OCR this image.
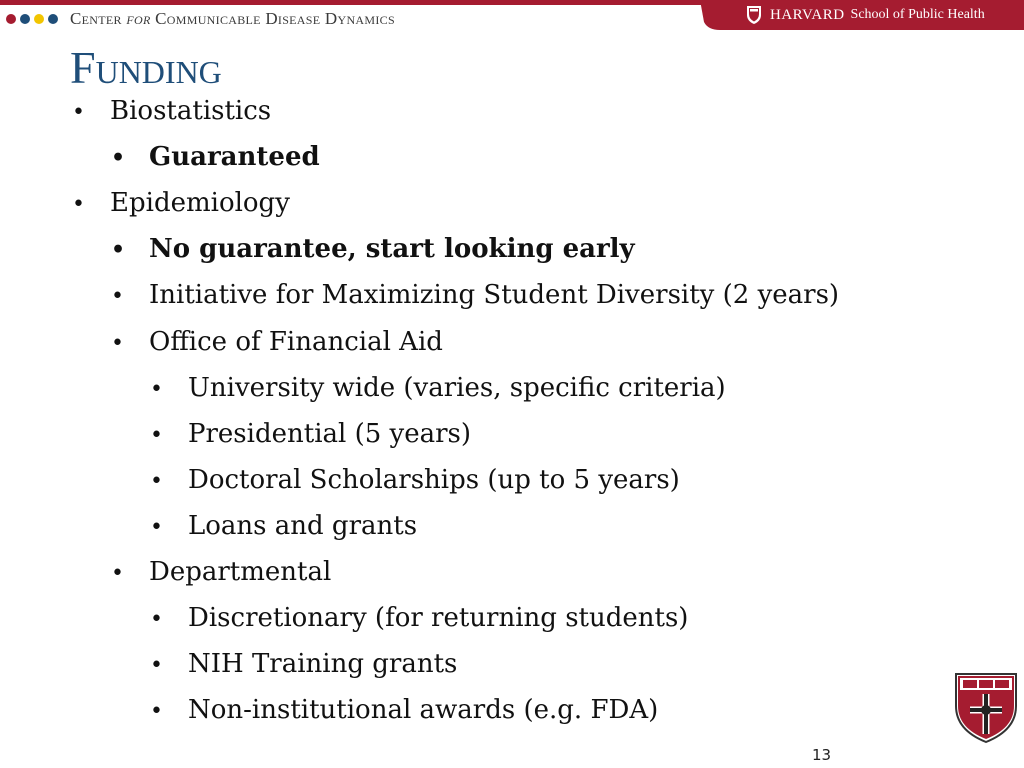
HARVARD School of Public Health
Center for Communicable Disease Dynamics
Funding
• Biostatistics
• Guaranteed
• Epidemiology
• No guarantee, start looking early
• Initiative for Maximizing Student Diversity (2 years)
• Office of Financial Aid
• University wide (varies, specific criteria)
• Presidential (5 years)
• Doctoral Scholarships (up to 5 years)
• Loans and grants
• Departmental
• Discretionary (for returning students)
• NIH Training grants
• Non-institutional awards (e.g. FDA)
13
